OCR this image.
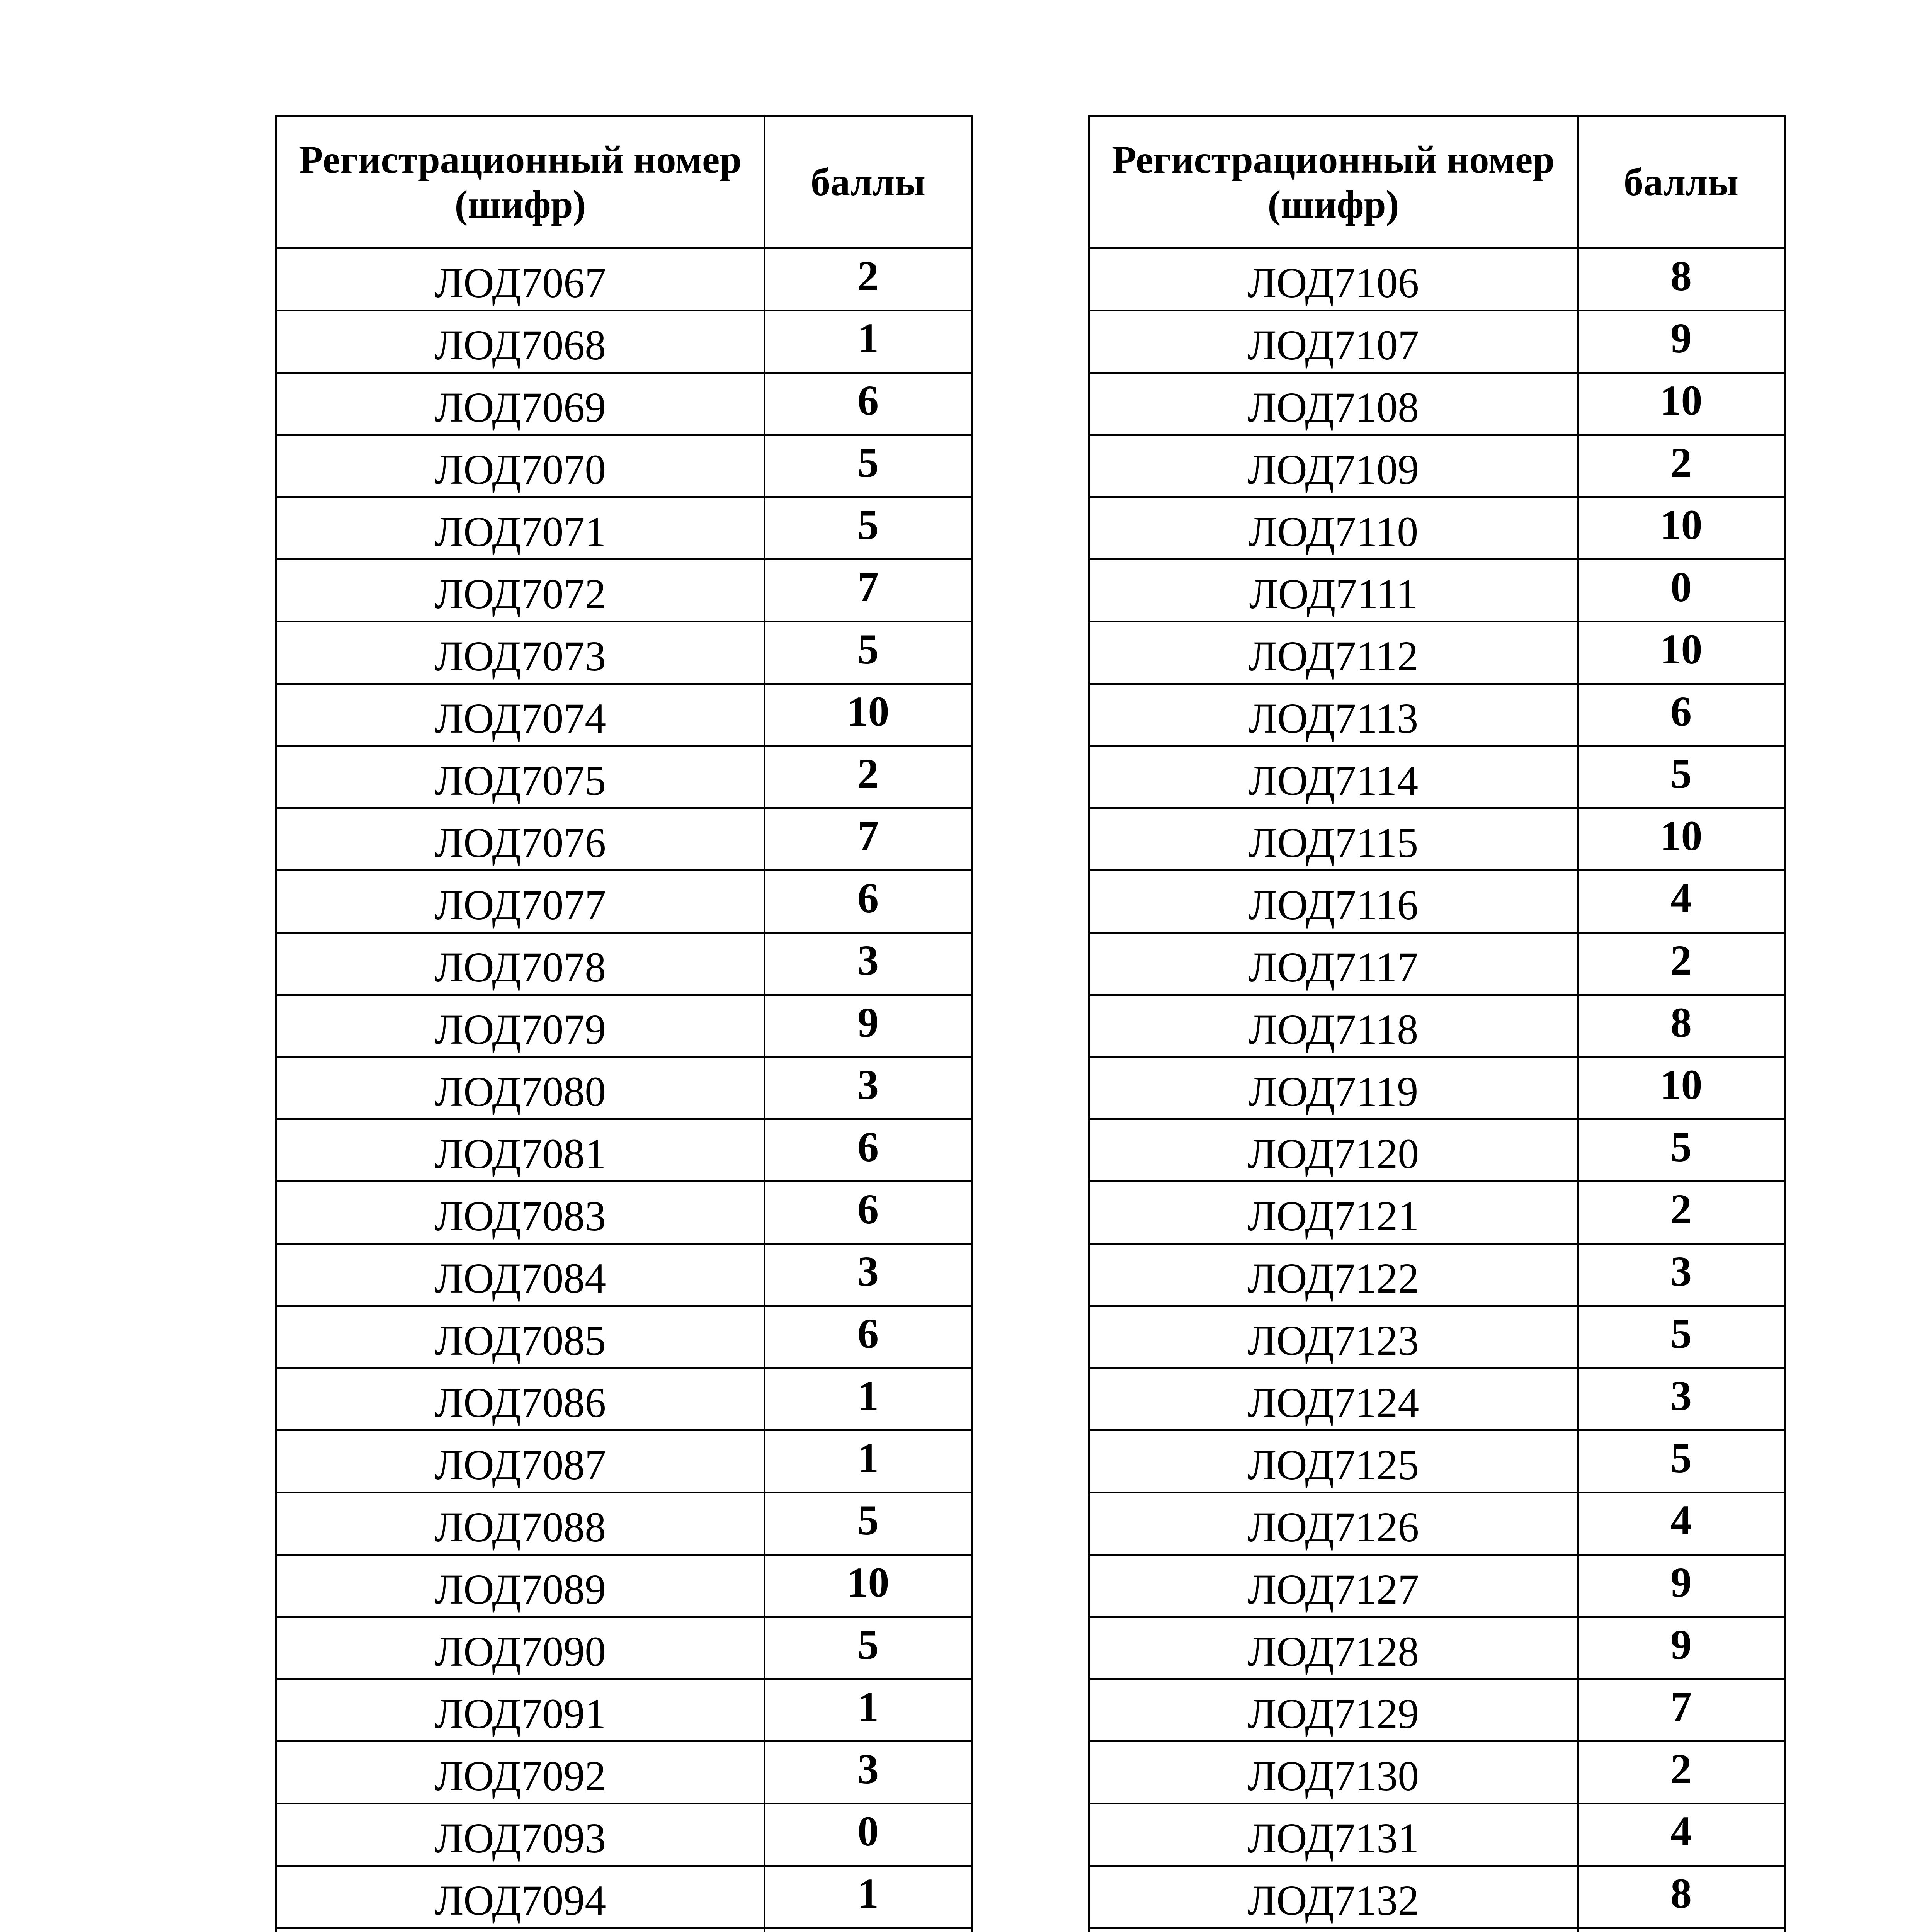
Регистрационный номер (шифр)	баллы
ЛОД7067	2
ЛОД7068	1
ЛОД7069	6
ЛОД7070	5
ЛОД7071	5
ЛОД7072	7
ЛОД7073	5
ЛОД7074	10
ЛОД7075	2
ЛОД7076	7
ЛОД7077	6
ЛОД7078	3
ЛОД7079	9
ЛОД7080	3
ЛОД7081	6
ЛОД7083	6
ЛОД7084	3
ЛОД7085	6
ЛОД7086	1
ЛОД7087	1
ЛОД7088	5
ЛОД7089	10
ЛОД7090	5
ЛОД7091	1
ЛОД7092	3
ЛОД7093	0
ЛОД7094	1

Регистрационный номер (шифр)	баллы
ЛОД7106	8
ЛОД7107	9
ЛОД7108	10
ЛОД7109	2
ЛОД7110	10
ЛОД7111	0
ЛОД7112	10
ЛОД7113	6
ЛОД7114	5
ЛОД7115	10
ЛОД7116	4
ЛОД7117	2
ЛОД7118	8
ЛОД7119	10
ЛОД7120	5
ЛОД7121	2
ЛОД7122	3
ЛОД7123	5
ЛОД7124	3
ЛОД7125	5
ЛОД7126	4
ЛОД7127	9
ЛОД7128	9
ЛОД7129	7
ЛОД7130	2
ЛОД7131	4
ЛОД7132	8
